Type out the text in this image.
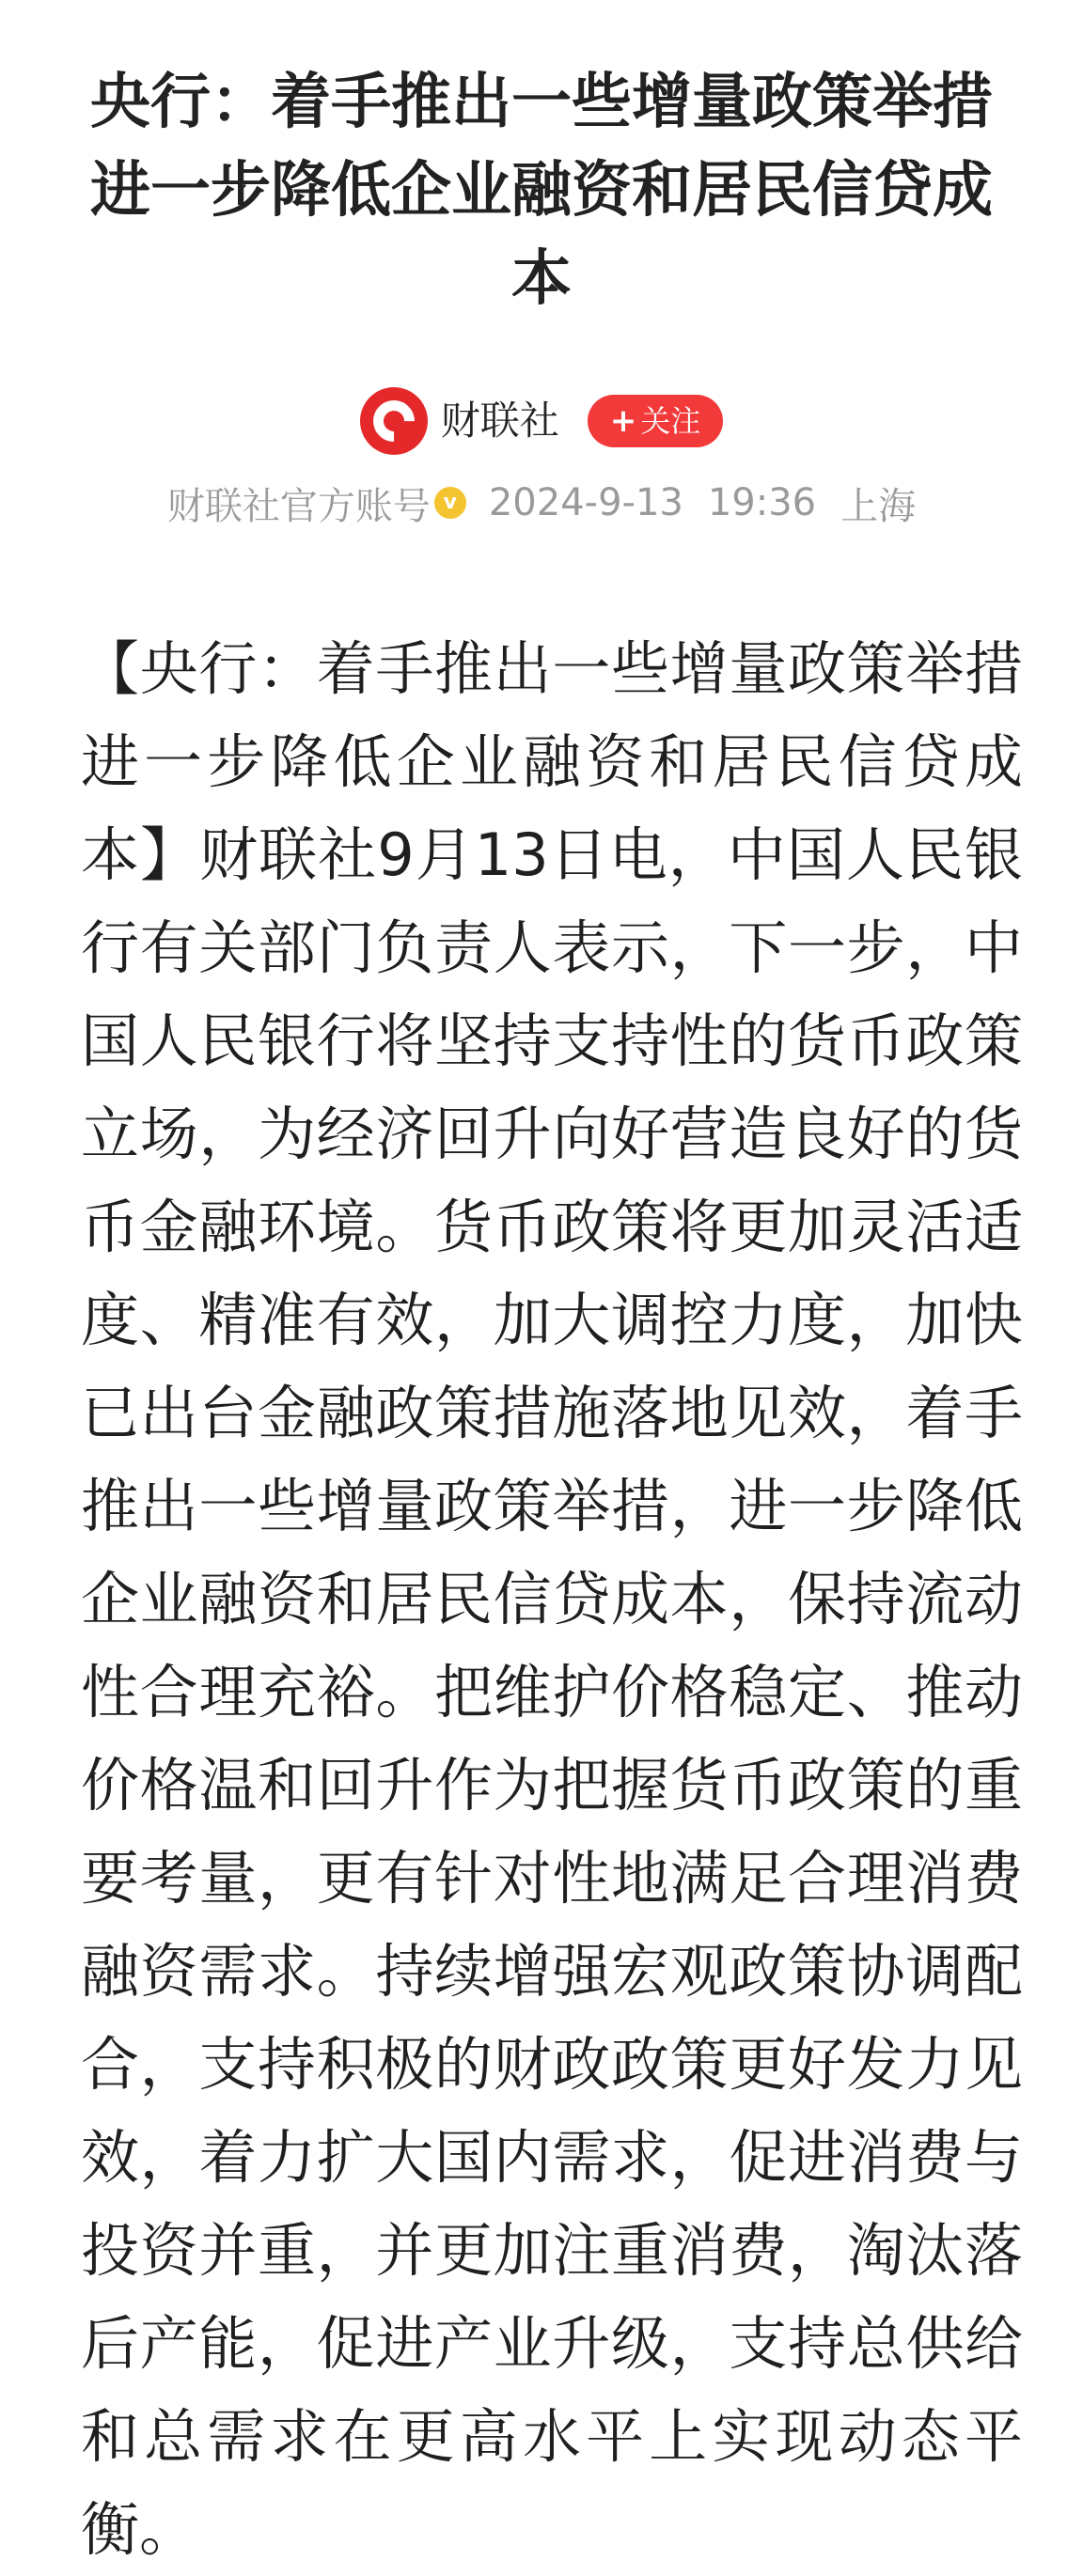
央行：着手推出一些增量政策举措进一步降低企业融资和居民信贷成本
财联社 + 关注
财联社官方账号 v 2024-9-13 19:36 上海

【央行：着手推出一些增量政策举措进一步降低企业融资和居民信贷成本】财联社9月13日电，中国人民银行有关部门负责人表示，下一步，中国人民银行将坚持支持性的货币政策立场，为经济回升向好营造良好的货币金融环境。货币政策将更加灵活适度、精准有效，加大调控力度，加快已出台金融政策措施落地见效，着手推出一些增量政策举措，进一步降低企业融资和居民信贷成本，保持流动性合理充裕。把维护价格稳定、推动价格温和回升作为把握货币政策的重要考量，更有针对性地满足合理消费融资需求。持续增强宏观政策协调配合，支持积极的财政政策更好发力见效，着力扩大国内需求，促进消费与投资并重，并更加注重消费，淘汰落后产能，促进产业升级，支持总供给和总需求在更高水平上实现动态平衡。
